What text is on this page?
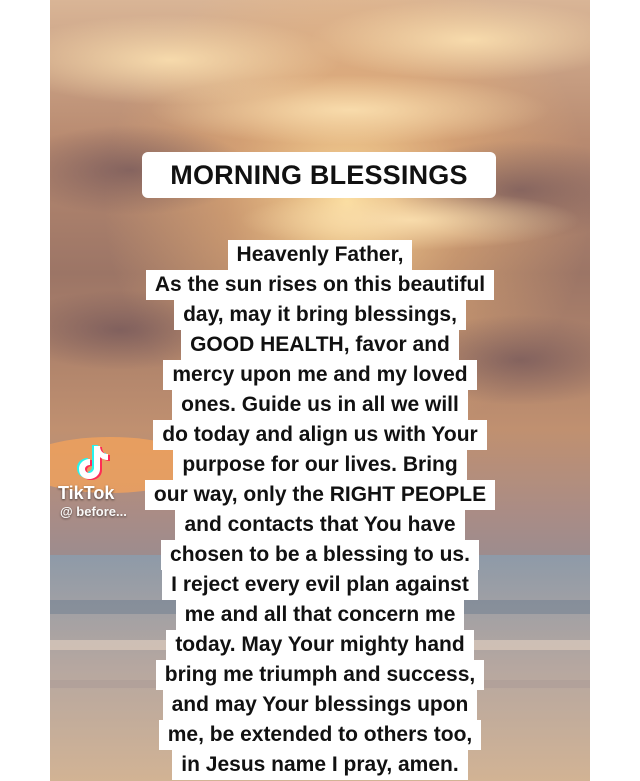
MORNING BLESSINGS
Heavenly Father,
As the sun rises on this beautiful
day, may it bring blessings,
GOOD HEALTH, favor and
mercy upon me and my loved
ones. Guide us in all we will
do today and align us with Your
purpose for our lives. Bring
our way, only the RIGHT PEOPLE
and contacts that You have
chosen to be a blessing to us.
I reject every evil plan against
me and all that concern me
today. May Your mighty hand
bring me triumph and success,
and may Your blessings upon
me, be extended to others too,
in Jesus name I pray, amen.
TikTok
@ before...
